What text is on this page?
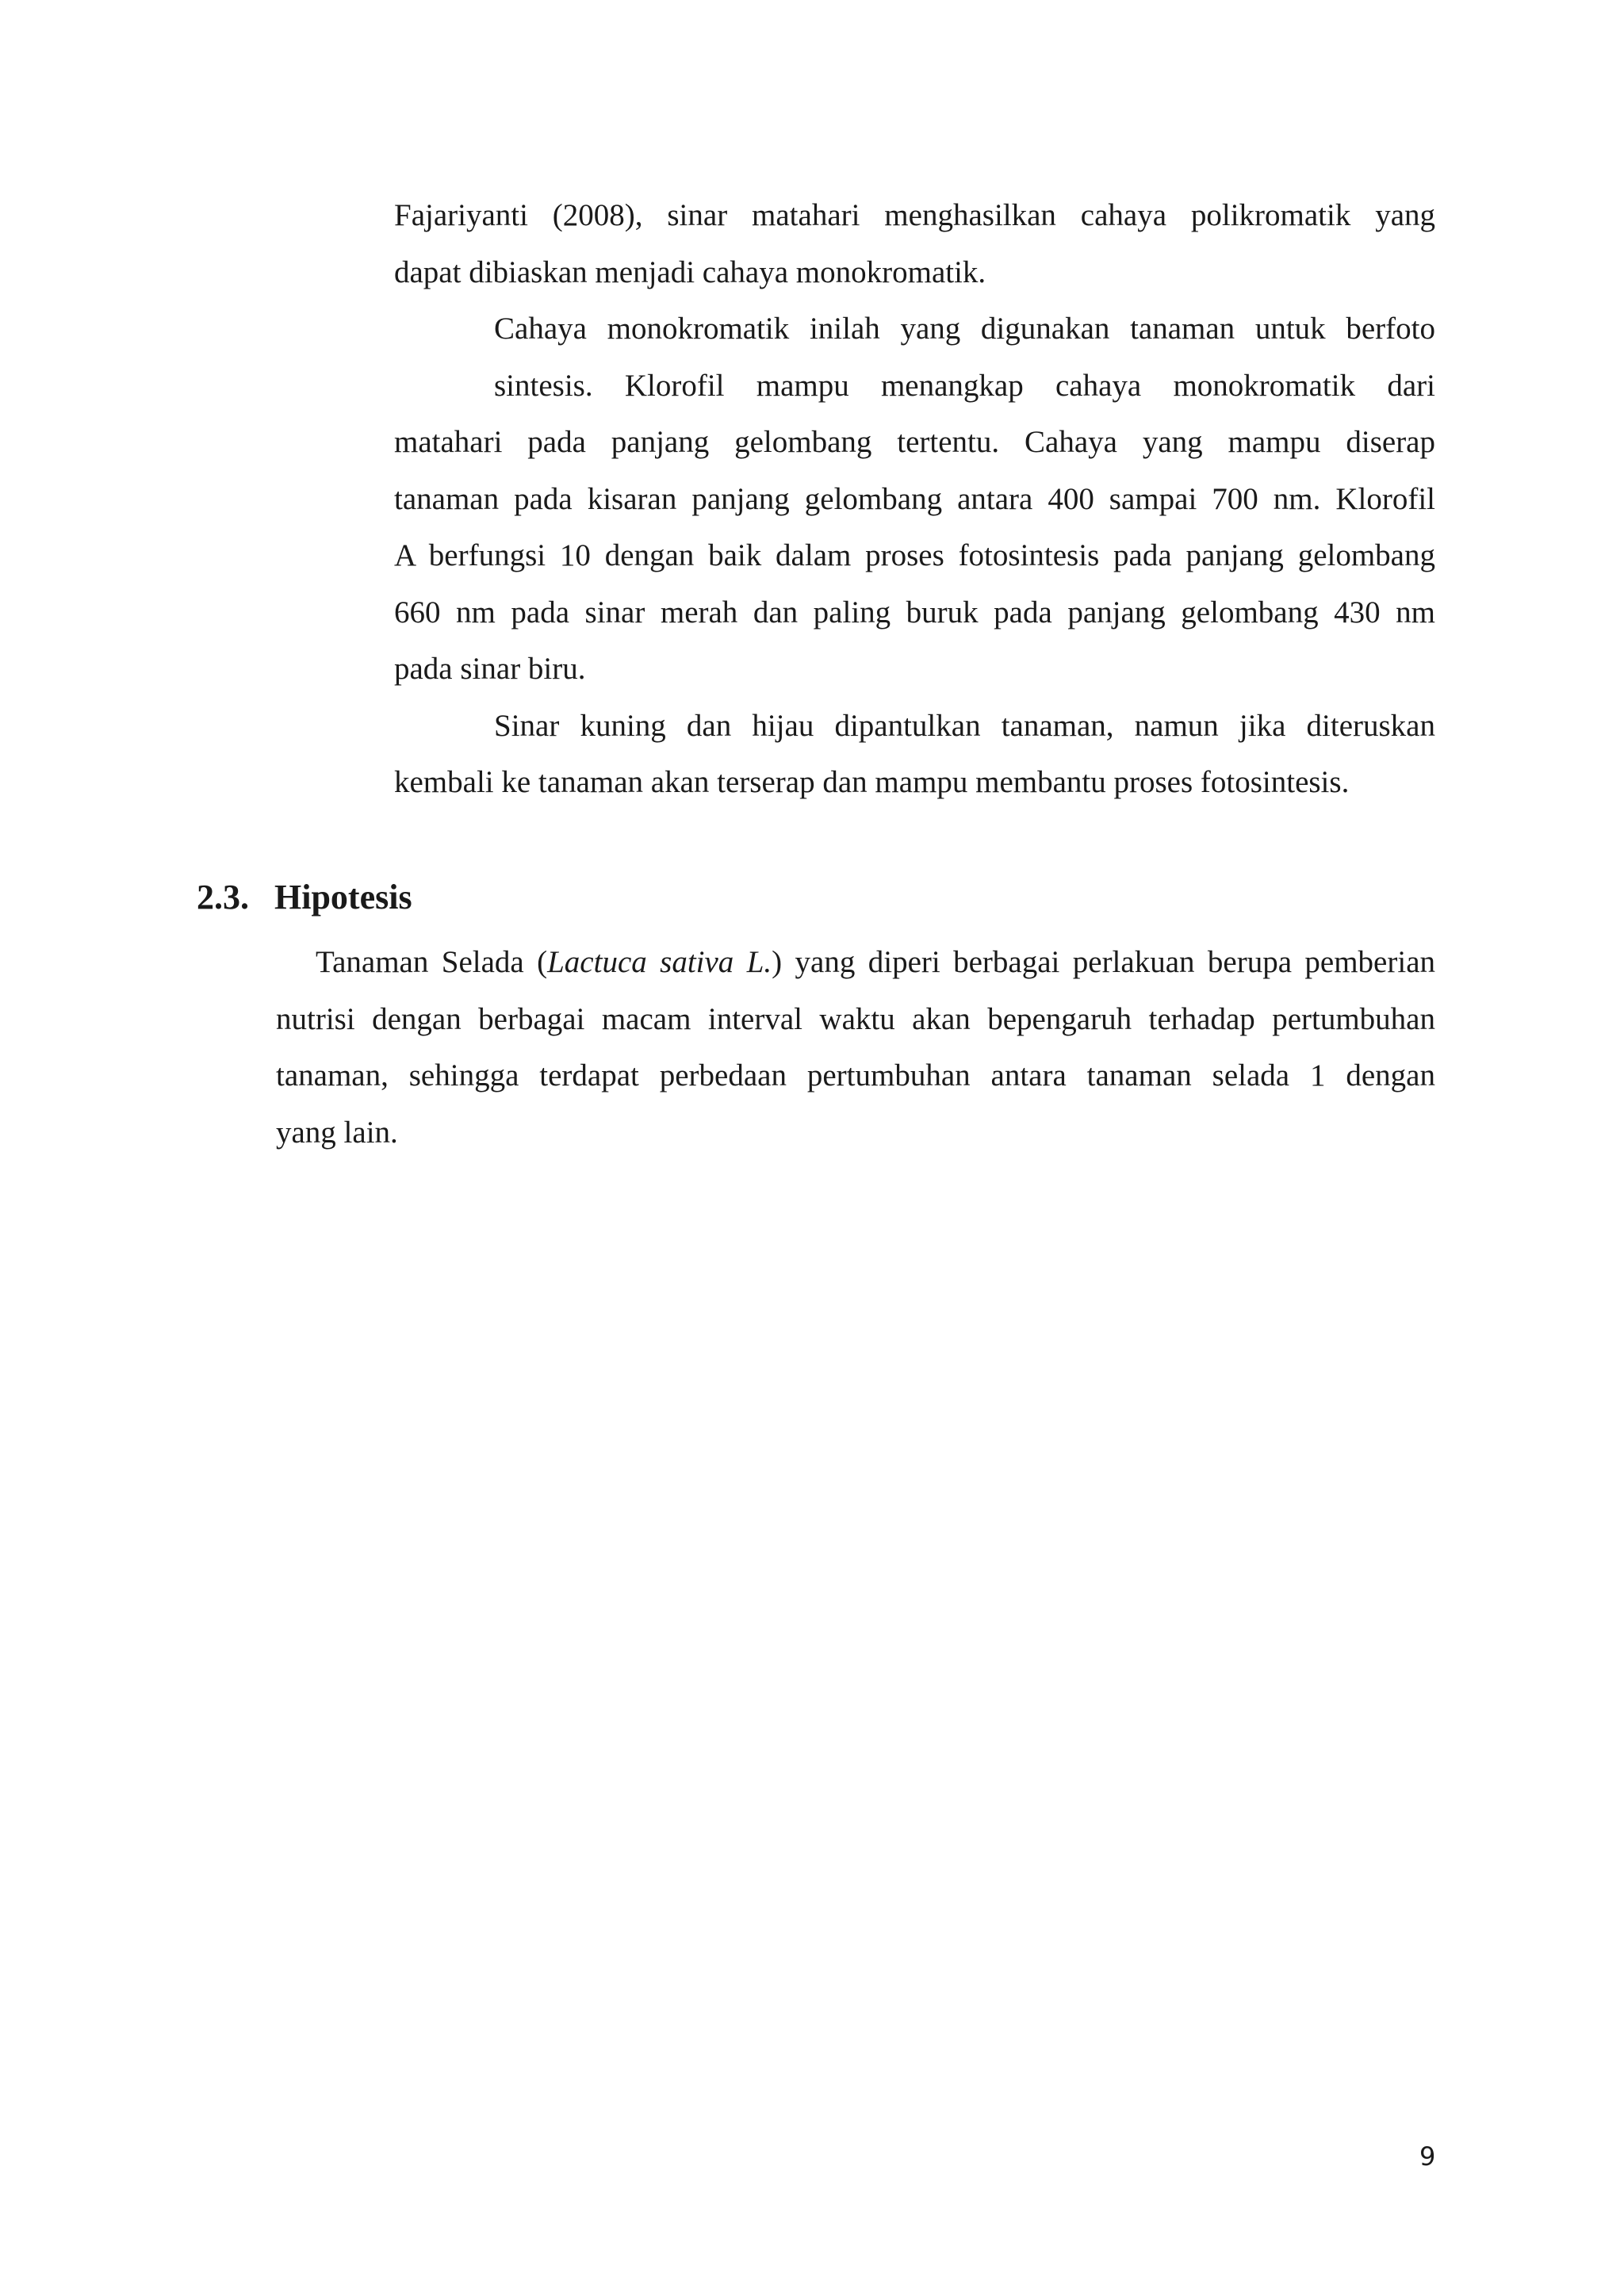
Fajariyanti (2008), sinar matahari menghasilkan cahaya polikromatik yang
dapat dibiaskan menjadi cahaya monokromatik.
Cahaya monokromatik inilah yang digunakan tanaman untuk berfoto
sintesis. Klorofil mampu menangkap cahaya monokromatik dari
matahari pada panjang gelombang tertentu. Cahaya yang mampu diserap
tanaman pada kisaran panjang gelombang antara 400 sampai 700 nm. Klorofil
A berfungsi 10 dengan baik dalam proses fotosintesis pada panjang gelombang
660 nm pada sinar merah dan paling buruk pada panjang gelombang 430 nm
pada sinar biru.
Sinar kuning dan hijau dipantulkan tanaman, namun jika diteruskan
kembali ke tanaman akan terserap dan mampu membantu proses fotosintesis.
2.3. Hipotesis
Tanaman Selada (Lactuca sativa L.) yang diperi berbagai perlakuan berupa pemberian
nutrisi dengan berbagai macam interval waktu akan bepengaruh terhadap pertumbuhan
tanaman, sehingga terdapat perbedaan pertumbuhan antara tanaman selada 1 dengan
yang lain.
9
